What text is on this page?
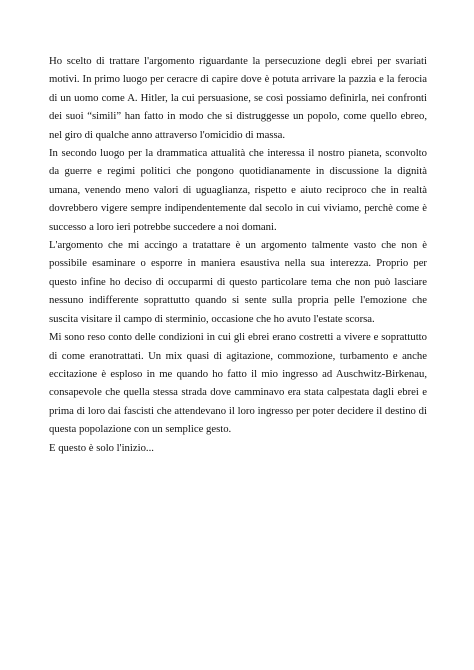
Ho scelto di trattare l'argomento riguardante la persecuzione degli ebrei per svariati motivi. In primo luogo per ceracre di capire dove è potuta arrivare la pazzia e la ferocia di un uomo come A. Hitler, la cui persuasione, se così possiamo definirla, nei confronti dei suoi “simili” han fatto in modo che si distruggesse un popolo, come quello ebreo, nel giro di qualche anno attraverso l'omicidio di massa.

In secondo luogo per la drammatica attualità che interessa il nostro pianeta, sconvolto da guerre e regimi politici che pongono quotidianamente in discussione la dignità umana, venendo meno valori di uguaglianza, rispetto e aiuto reciproco che in realtà dovrebbero vigere sempre indipendentemente dal secolo in cui viviamo, perchè come è successo a loro ieri potrebbe succedere a noi domani.

L'argomento che mi accingo a tratattare è un argomento talmente vasto che non è possibile esaminare o esporre in maniera esaustiva nella sua interezza. Proprio per questo infine ho deciso di occuparmi di questo particolare tema che non può lasciare nessuno indifferente soprattutto quando si sente sulla propria pelle l'emozione che suscita visitare il campo di sterminio, occasione che ho avuto l'estate scorsa.

Mi sono reso conto delle condizioni in cui gli ebrei erano costretti a vivere e soprattutto di come eranotrattati. Un mix quasi di agitazione, commozione, turbamento e anche eccitazione è esploso in me quando ho fatto il mio ingresso ad Auschwitz-Birkenau, consapevole che quella stessa strada dove camminavo era stata calpestata dagli ebrei e prima di loro dai fascisti che attendevano il loro ingresso per poter decidere il destino di questa popolazione con un semplice gesto.

E questo è solo l'inizio...
